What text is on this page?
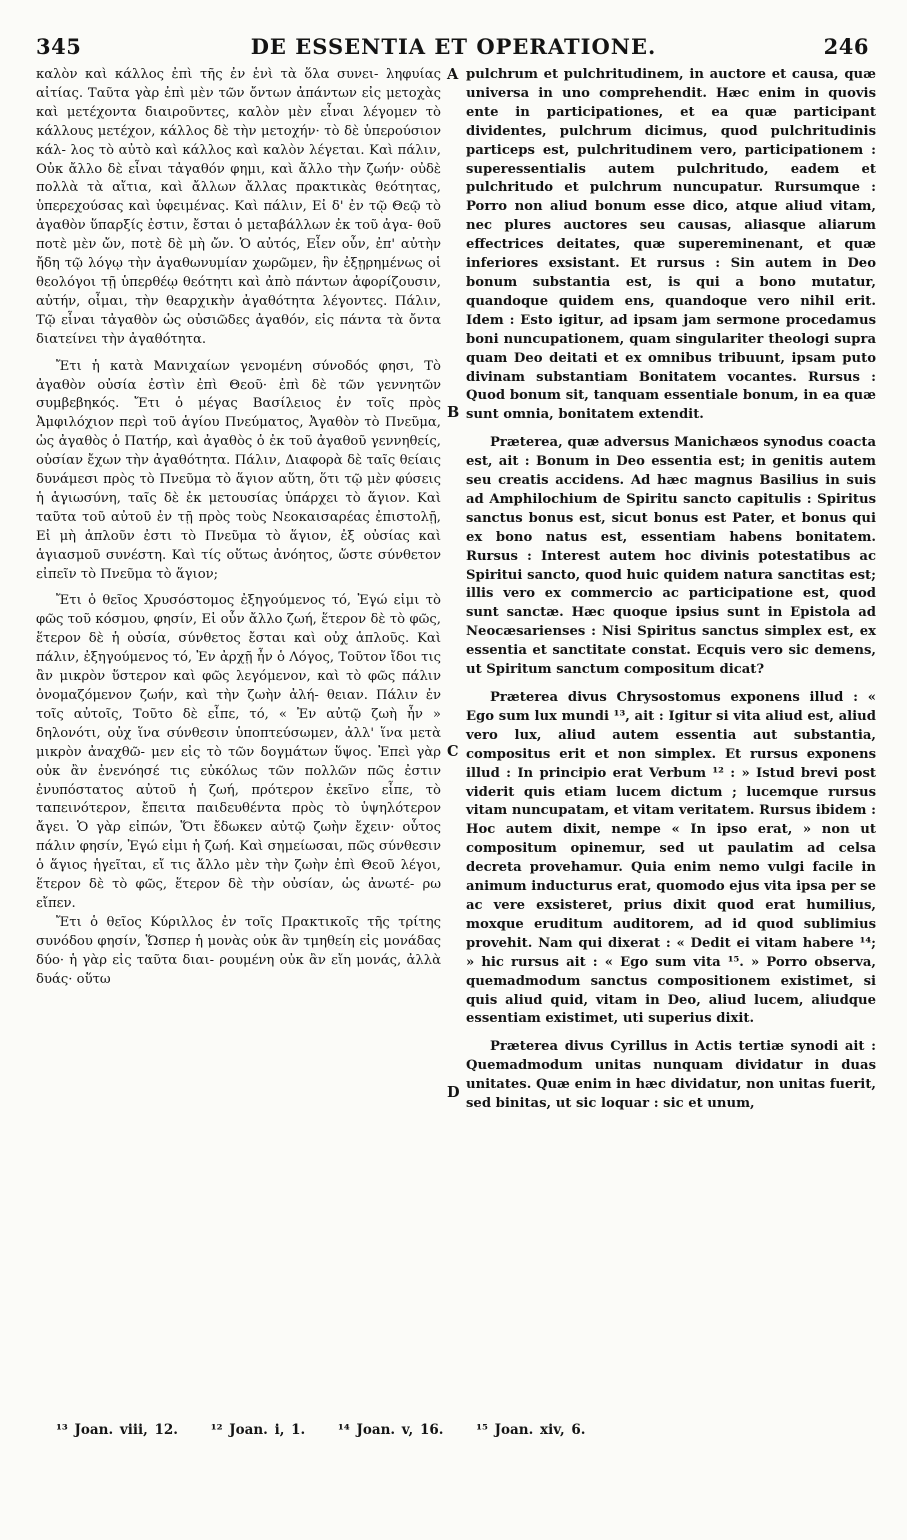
345	DE ESSENTIA ET OPERATIONE.	246

καλὸν καὶ κάλλος ἐπὶ τῆς ἐν ἑνὶ τὰ ὅλα συνει- ληφυίας αἰτίας. Ταῦτα γὰρ ἐπὶ μὲν τῶν ὄντων ἀπάντων εἰς μετοχὰς καὶ μετέχοντα διαιροῦντες, καλὸν μὲν εἶναι λέγομεν τὸ κάλλους μετέχον, κάλλος δὲ τὴν μετοχήν· τὸ δὲ ὑπερούσιον κάλ- λος τὸ αὐτὸ καὶ κάλλος καὶ καλὸν λέγεται. Καὶ πάλιν, Οὐκ ἄλλο δὲ εἶναι τἀγαθόν φημι, καὶ ἄλλο τὴν ζωήν· οὐδὲ πολλὰ τὰ αἴτια, καὶ ἄλλων ἄλλας πρακτικὰς θεότητας, ὑπερεχούσας καὶ ὑφειμένας. Καὶ πάλιν, Εἰ δ' ἐν τῷ Θεῷ τὸ ἀγαθὸν ὕπαρξίς ἐστιν, ἔσται ὁ μεταβάλλων ἐκ τοῦ ἀγα- θοῦ ποτὲ μὲν ὤν, ποτὲ δὲ μὴ ὤν. Ὁ αὐτός, Εἶεν οὖν, ἐπ' αὐτὴν ἤδη τῷ λόγῳ τὴν ἀγαθωνυμίαν χωρῶμεν, ἣν ἐξῃρημένως οἱ θεολόγοι τῇ ὑπερθέῳ θεότητι καὶ ἀπὸ πάντων ἀφορίζουσιν, αὐτήν, οἶμαι, τὴν θεαρχικὴν ἀγαθότητα λέγοντες. Πάλιν, Τῷ εἶναι τἀγαθὸν ὡς οὐσιῶδες ἀγαθόν, εἰς πάντα τὰ ὄντα διατείνει τὴν ἀγαθότητα.

Ἔτι ἡ κατὰ Μανιχαίων γενομένη σύνοδός φησι, Τὸ ἀγαθὸν οὐσία ἐστὶν ἐπὶ Θεοῦ· ἐπὶ δὲ τῶν γεννητῶν συμβεβηκός. Ἔτι ὁ μέγας Βασίλειος ἐν τοῖς πρὸς Ἀμφιλόχιον περὶ τοῦ ἁγίου Πνεύματος, Ἀγαθὸν τὸ Πνεῦμα, ὡς ἀγαθὸς ὁ Πατήρ, καὶ ἀγαθὸς ὁ ἐκ τοῦ ἀγαθοῦ γεννηθείς, οὐσίαν ἔχων τὴν ἀγαθότητα. Πάλιν, Διαφορὰ δὲ ταῖς θείαις δυνάμεσι πρὸς τὸ Πνεῦμα τὸ ἅγιον αὕτη, ὅτι τῷ μὲν φύσεις ἡ ἁγιωσύνη, ταῖς δὲ ἐκ μετουσίας ὑπάρχει τὸ ἅγιον. Καὶ ταῦτα τοῦ αὐτοῦ ἐν τῇ πρὸς τοὺς Νεοκαισαρέας ἐπιστολῇ, Εἰ μὴ ἁπλοῦν ἐστι τὸ Πνεῦμα τὸ ἅγιον, ἐξ οὐσίας καὶ ἁγιασμοῦ συνέστη. Καὶ τίς οὕτως ἀνόητος, ὥστε σύνθετον εἰπεῖν τὸ Πνεῦμα τὸ ἅγιον;

Ἔτι ὁ θεῖος Χρυσόστομος ἐξηγούμενος τό, Ἐγώ εἰμι τὸ φῶς τοῦ κόσμου, φησίν, Εἰ οὖν ἄλλο ζωή, ἕτερον δὲ τὸ φῶς, ἕτερον δὲ ἡ οὐσία, σύνθετος ἔσται καὶ οὐχ ἁπλοῦς. Καὶ πάλιν, ἐξηγούμενος τό, Ἐν ἀρχῇ ἦν ὁ Λόγος, Τοῦτον ἴδοι τις ἂν μικρὸν ὕστερον καὶ φῶς λεγόμενον, καὶ τὸ φῶς πάλιν ὀνομαζόμενον ζωήν, καὶ τὴν ζωὴν ἀλή- θειαν. Πάλιν ἐν τοῖς αὐτοῖς, Τοῦτο δὲ εἶπε, τό, « Ἐν αὐτῷ ζωὴ ἦν » δηλονότι, οὐχ ἵνα σύνθεσιν ὑποπτεύσωμεν, ἀλλ' ἵνα μετὰ μικρὸν ἀναχθῶ- μεν εἰς τὸ τῶν δογμάτων ὕψος. Ἐπεὶ γὰρ οὐκ ἂν ἐνενόησέ τις εὐκόλως τῶν πολλῶν πῶς ἐστιν ἐνυπόστατος αὐτοῦ ἡ ζωή, πρότερον ἐκεῖνο εἶπε, τὸ ταπεινότερον, ἔπειτα παιδευθέντα πρὸς τὸ ὑψηλότερον ἄγει. Ὁ γὰρ εἰπών, Ὅτι ἔδωκεν αὐτῷ ζωὴν ἔχειν· οὗτος πάλιν φησίν, Ἐγώ εἰμι ἡ ζωή. Καὶ σημείωσαι, πῶς σύνθεσιν ὁ ἅγιος ἡγεῖται, εἴ τις ἄλλο μὲν τὴν ζωὴν ἐπὶ Θεοῦ λέγοι, ἕτερον δὲ τὸ φῶς, ἕτερον δὲ τὴν οὐσίαν, ὡς ἀνωτέ- ρω εἴπεν.

Ἔτι ὁ θεῖος Κύριλλος ἐν τοῖς Πρακτικοῖς τῆς τρίτης συνόδου φησίν, Ὥσπερ ἡ μονὰς οὐκ ἂν τμηθείη εἰς μονάδας δύο· ἡ γὰρ εἰς ταῦτα διαι- ρουμένη οὐκ ἂν εἴη μονάς, ἀλλὰ δυάς· οὕτω

A
B
C
D

pulchrum et pulchritudinem, in auctore et causa, quæ universa in uno comprehendit. Hæc enim in quovis ente in participationes, et ea quæ participant dividentes, pulchrum dicimus, quod pulchritudinis particeps est, pulchritudinem vero, participationem : superessentialis autem pulchritudo, eadem et pulchritudo et pulchrum nuncupatur. Rursumque : Porro non aliud bonum esse dico, atque aliud vitam, nec plures auctores seu causas, aliasque aliarum effectrices deitates, quæ supereminenant, et quæ inferiores exsistant. Et rursus : Sin autem in Deo bonum substantia est, is qui a bono mutatur, quandoque quidem ens, quandoque vero nihil erit. Idem : Esto igitur, ad ipsam jam sermone procedamus boni nuncupationem, quam singulariter theologi supra quam Deo deitati et ex omnibus tribuunt, ipsam puto divinam substantiam Bonitatem vocantes. Rursus : Quod bonum sit, tanquam essentiale bonum, in ea quæ sunt omnia, bonitatem extendit.

Præterea, quæ adversus Manichæos synodus coacta est, ait : Bonum in Deo essentia est; in genitis autem seu creatis accidens. Ad hæc magnus Basilius in suis ad Amphilochium de Spiritu sancto capitulis : Spiritus sanctus bonus est, sicut bonus est Pater, et bonus qui ex bono natus est, essentiam habens bonitatem. Rursus : Interest autem hoc divinis potestatibus ac Spiritui sancto, quod huic quidem natura sanctitas est; illis vero ex commercio ac participatione est, quod sunt sanctæ. Hæc quoque ipsius sunt in Epistola ad Neocæsarienses : Nisi Spiritus sanctus simplex est, ex essentia et sanctitate constat. Ecquis vero sic demens, ut Spiritum sanctum compositum dicat?

Præterea divus Chrysostomus exponens illud : « Ego sum lux mundi ¹³, ait : Igitur si vita aliud est, aliud vero lux, aliud autem essentia aut substantia, compositus erit et non simplex. Et rursus exponens illud : In principio erat Verbum ¹² : » Istud brevi post viderit quis etiam lucem dictum ; lucemque rursus vitam nuncupatam, et vitam veritatem. Rursus ibidem : Hoc autem dixit, nempe « In ipso erat, » non ut compositum opinemur, sed ut paulatim ad celsa decreta provehamur. Quia enim nemo vulgi facile in animum inducturus erat, quomodo ejus vita ipsa per se ac vere exsisteret, prius dixit quod erat humilius, moxque eruditum auditorem, ad id quod sublimius provehit. Nam qui dixerat : « Dedit ei vitam habere ¹⁴; » hic rursus ait : « Ego sum vita ¹⁵. » Porro observa, quemadmodum sanctus compositionem existimet, si quis aliud quid, vitam in Deo, aliud lucem, aliudque essentiam existimet, uti superius dixit.

Præterea divus Cyrillus in Actis tertiæ synodi ait : Quemadmodum unitas nunquam dividatur in duas unitates. Quæ enim in hæc dividatur, non unitas fuerit, sed binitas, ut sic loquar : sic et unum,

¹³ Joan. viii, 12. ¹² Joan. i, 1. ¹⁴ Joan. v, 16. ¹⁵ Joan. xiv, 6.
